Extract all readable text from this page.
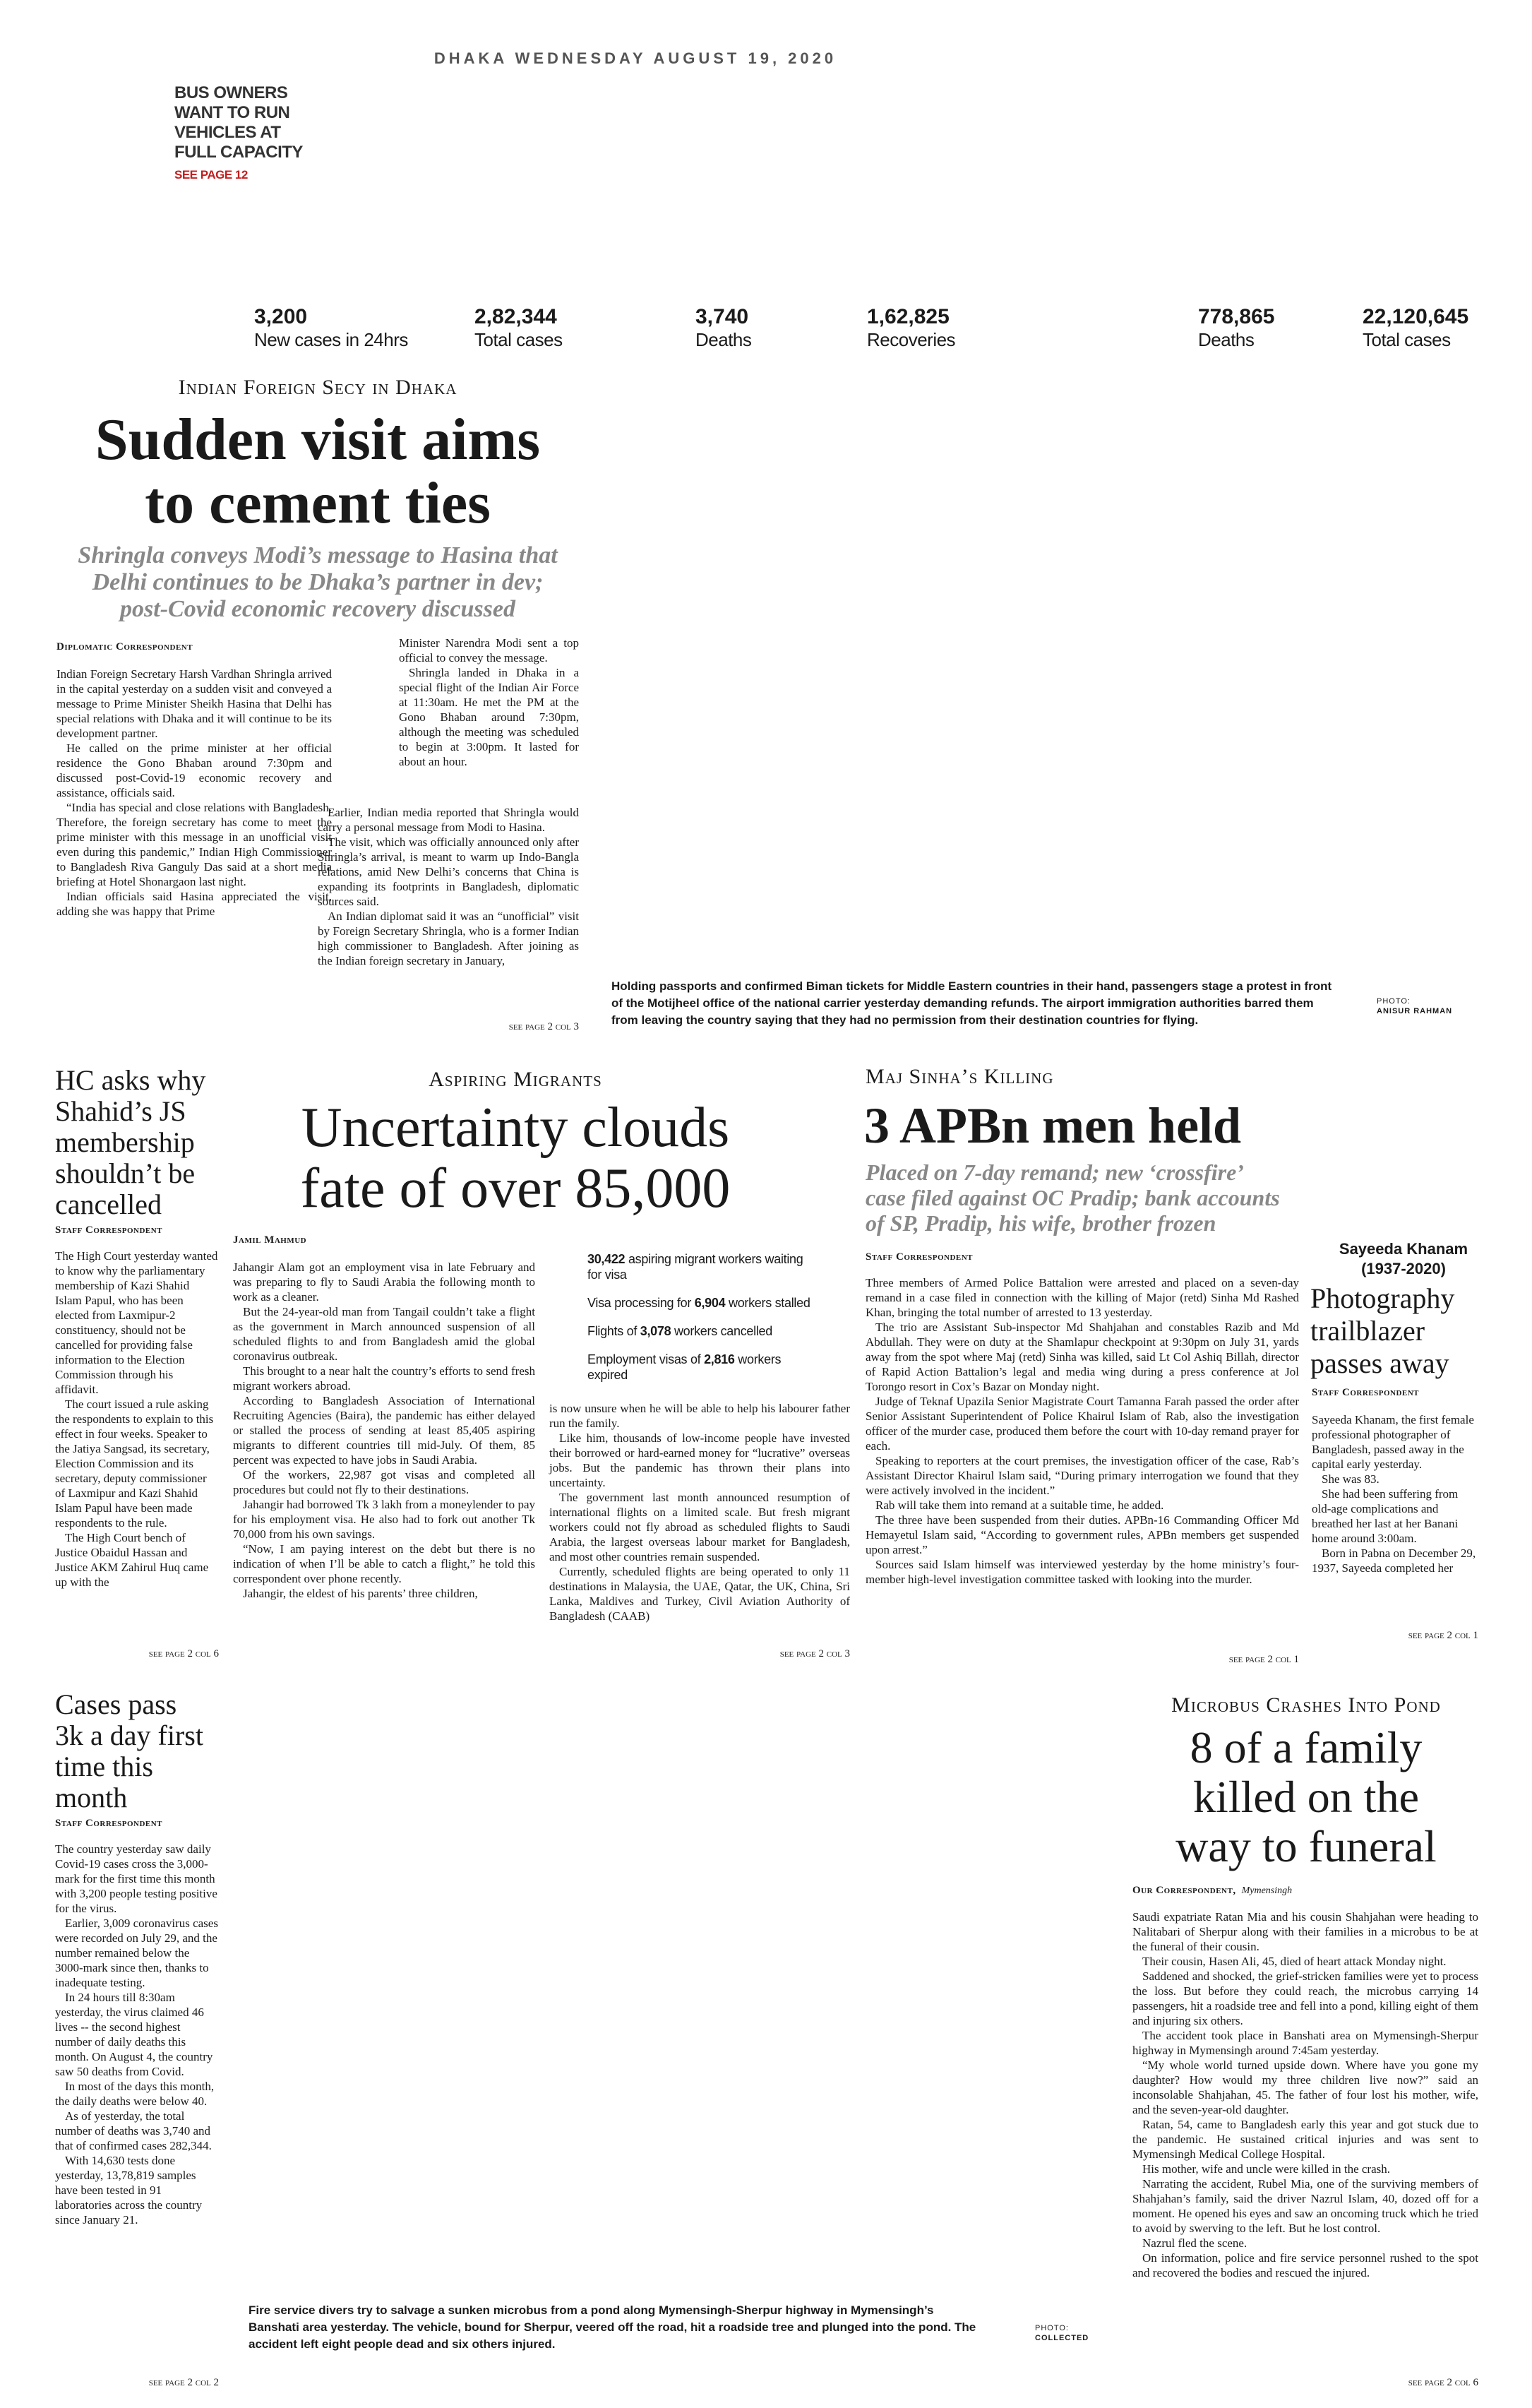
DHAKA WEDNESDAY AUGUST 19, 2020
BUS OWNERS
WANT TO RUN
VEHICLES AT
FULL CAPACITY
SEE PAGE 12
3,200
New cases in 24hrs
2,82,344
Total cases
3,740
Deaths
1,62,825
Recoveries
778,865
Deaths
22,120,645
Total cases
Indian Foreign Secy in Dhaka
Sudden visit aims
to cement ties
Shringla conveys Modi’s message to Hasina that
Delhi continues to be Dhaka’s partner in dev;
post-Covid economic recovery discussed
Diplomatic Correspondent

Indian Foreign Secretary Harsh Vardhan Shringla arrived in the capital yesterday on a sudden visit and conveyed a message to Prime Minister Sheikh Hasina that Delhi has special relations with Dhaka and it will continue to be its development partner.

He called on the prime minister at her official residence the Gono Bhaban around 7:30pm and discussed post-Covid-19 economic recovery and assistance, officials said.

“India has special and close relations with Bangladesh. Therefore, the foreign secretary has come to meet the prime minister with this message in an unofficial visit even during this pandemic,” Indian High Commissioner to Bangladesh Riva Ganguly Das said at a short media briefing at Hotel Shonargaon last night.

Indian officials said Hasina appreciated the visit, adding she was happy that Prime

Minister Narendra Modi sent a top official to convey the message.

Shringla landed in Dhaka in a special flight of the Indian Air Force at 11:30am. He met the PM at the Gono Bhaban around 7:30pm, although the meeting was scheduled to begin at 3:00pm. It lasted for about an hour.

Earlier, Indian media reported that Shringla would carry a personal message from Modi to Hasina.

The visit, which was officially announced only after Shringla’s arrival, is meant to warm up Indo-Bangla relations, amid New Delhi’s concerns that China is expanding its footprints in Bangladesh, diplomatic sources said.

An Indian diplomat said it was an “unofficial” visit by Foreign Secretary Shringla, who is a former Indian high commissioner to Bangladesh. After joining as the Indian foreign secretary in January,

see page 2 col 3
Holding passports and confirmed Biman tickets for Middle Eastern countries in their hand, passengers stage a protest in front of the Motijheel office of the national carrier yesterday demanding refunds. The airport immigration authorities barred them from leaving the country saying that they had no permission from their destination countries for flying.
PHOTO:
ANISUR RAHMAN
HC asks why
Shahid’s JS
membership
shouldn’t be
cancelled
Staff Correspondent

The High Court yesterday wanted to know why the parliamentary membership of Kazi Shahid Islam Papul, who has been elected from Laxmipur-2 constituency, should not be cancelled for providing false information to the Election Commission through his affidavit.

The court issued a rule asking the respondents to explain to this effect in four weeks. Speaker to the Jatiya Sangsad, its secretary, Election Commission and its secretary, deputy commissioner of Laxmipur and Kazi Shahid Islam Papul have been made respondents to the rule.

The High Court bench of Justice Obaidul Hassan and Justice AKM Zahirul Huq came up with the

see page 2 col 6
Aspiring Migrants
Uncertainty clouds
fate of over 85,000
Jamil Mahmud

Jahangir Alam got an employment visa in late February and was preparing to fly to Saudi Arabia the following month to work as a cleaner.

But the 24-year-old man from Tangail couldn’t take a flight as the government in March announced suspension of all scheduled flights to and from Bangladesh amid the global coronavirus outbreak.

This brought to a near halt the country’s efforts to send fresh migrant workers abroad.

According to Bangladesh Association of International Recruiting Agencies (Baira), the pandemic has either delayed or stalled the process of sending at least 85,405 aspiring migrants to different countries till mid-July. Of them, 85 percent was expected to have jobs in Saudi Arabia.

Of the workers, 22,987 got visas and completed all procedures but could not fly to their destinations.

Jahangir had borrowed Tk 3 lakh from a moneylender to pay for his employment visa. He also had to fork out another Tk 70,000 from his own savings.

“Now, I am paying interest on the debt but there is no indication of when I’ll be able to catch a flight,” he told this correspondent over phone recently.

Jahangir, the eldest of his parents’ three children,

30,422 aspiring migrant workers waiting for visa
Visa processing for 6,904 workers stalled
Flights of 3,078 workers cancelled
Employment visas of 2,816 workers expired

is now unsure when he will be able to help his labourer father run the family.

Like him, thousands of low-income people have invested their borrowed or hard-earned money for “lucrative” overseas jobs. But the pandemic has thrown their plans into uncertainty.

The government last month announced resumption of international flights on a limited scale. But fresh migrant workers could not fly abroad as scheduled flights to Saudi Arabia, the largest overseas labour market for Bangladesh, and most other countries remain suspended.

Currently, scheduled flights are being operated to only 11 destinations in Malaysia, the UAE, Qatar, the UK, China, Sri Lanka, Maldives and Turkey, Civil Aviation Authority of Bangladesh (CAAB)

see page 2 col 3
Maj Sinha’s Killing
3 APBn men held
Placed on 7-day remand; new ‘crossfire’
case filed against OC Pradip; bank accounts
of SP, Pradip, his wife, brother frozen
Staff Correspondent

Three members of Armed Police Battalion were arrested and placed on a seven-day remand in a case filed in connection with the killing of Major (retd) Sinha Md Rashed Khan, bringing the total number of arrested to 13 yesterday.

The trio are Assistant Sub-inspector Md Shahjahan and constables Razib and Md Abdullah. They were on duty at the Shamlapur checkpoint at 9:30pm on July 31, yards away from the spot where Maj (retd) Sinha was killed, said Lt Col Ashiq Billah, director of Rapid Action Battalion’s legal and media wing during a press conference at Jol Torongo resort in Cox’s Bazar on Monday night.

Judge of Teknaf Upazila Senior Magistrate Court Tamanna Farah passed the order after Senior Assistant Superintendent of Police Khairul Islam of Rab, also the investigation officer of the murder case, produced them before the court with 10-day remand prayer for each.

Speaking to reporters at the court premises, the investigation officer of the case, Rab’s Assistant Director Khairul Islam said, “During primary interrogation we found that they were actively involved in the incident.”

Rab will take them into remand at a suitable time, he added.

The three have been suspended from their duties. APBn-16 Commanding Officer Md Hemayetul Islam said, “According to government rules, APBn members get suspended upon arrest.”

Sources said Islam himself was interviewed yesterday by the home ministry’s four-member high-level investigation committee tasked with looking into the murder.

see page 2 col 1
Sayeeda Khanam
(1937-2020)
Photography
trailblazer
passes away
Staff Correspondent

Sayeeda Khanam, the first female professional photographer of Bangladesh, passed away in the capital early yesterday.

She was 83.

She had been suffering from old-age complications and breathed her last at her Banani home around 3:00am.

Born in Pabna on December 29, 1937, Sayeeda completed her

see page 2 col 1
Cases pass
3k a day first
time this
month
Staff Correspondent

The country yesterday saw daily Covid-19 cases cross the 3,000-mark for the first time this month with 3,200 people testing positive for the virus.

Earlier, 3,009 coronavirus cases were recorded on July 29, and the number remained below the 3000-mark since then, thanks to inadequate testing.

In 24 hours till 8:30am yesterday, the virus claimed 46 lives -- the second highest number of daily deaths this month. On August 4, the country saw 50 deaths from Covid.

In most of the days this month, the daily deaths were below 40.

As of yesterday, the total number of deaths was 3,740 and that of confirmed cases 282,344.

With 14,630 tests done yesterday, 13,78,819 samples have been tested in 91 laboratories across the country since January 21.

see page 2 col 2
Fire service divers try to salvage a sunken microbus from a pond along Mymensingh-Sherpur highway in Mymensingh’s Banshati area yesterday. The vehicle, bound for Sherpur, veered off the road, hit a roadside tree and plunged into the pond. The accident left eight people dead and six others injured.
PHOTO:
COLLECTED
Microbus Crashes Into Pond
8 of a family
killed on the
way to funeral
Our Correspondent, Mymensingh

Saudi expatriate Ratan Mia and his cousin Shahjahan were heading to Nalitabari of Sherpur along with their families in a microbus to be at the funeral of their cousin.

Their cousin, Hasen Ali, 45, died of heart attack Monday night.

Saddened and shocked, the grief-stricken families were yet to process the loss. But before they could reach, the microbus carrying 14 passengers, hit a roadside tree and fell into a pond, killing eight of them and injuring six others.

The accident took place in Banshati area on Mymensingh-Sherpur highway in Mymensingh around 7:45am yesterday.

“My whole world turned upside down. Where have you gone my daughter? How would my three children live now?” said an inconsolable Shahjahan, 45. The father of four lost his mother, wife, and the seven-year-old daughter.

Ratan, 54, came to Bangladesh early this year and got stuck due to the pandemic. He sustained critical injuries and was sent to Mymensingh Medical College Hospital.

His mother, wife and uncle were killed in the crash.

Narrating the accident, Rubel Mia, one of the surviving members of Shahjahan’s family, said the driver Nazrul Islam, 40, dozed off for a moment. He opened his eyes and saw an oncoming truck which he tried to avoid by swerving to the left. But he lost control.

Nazrul fled the scene.

On information, police and fire service personnel rushed to the spot and recovered the bodies and rescued the injured.

see page 2 col 6
